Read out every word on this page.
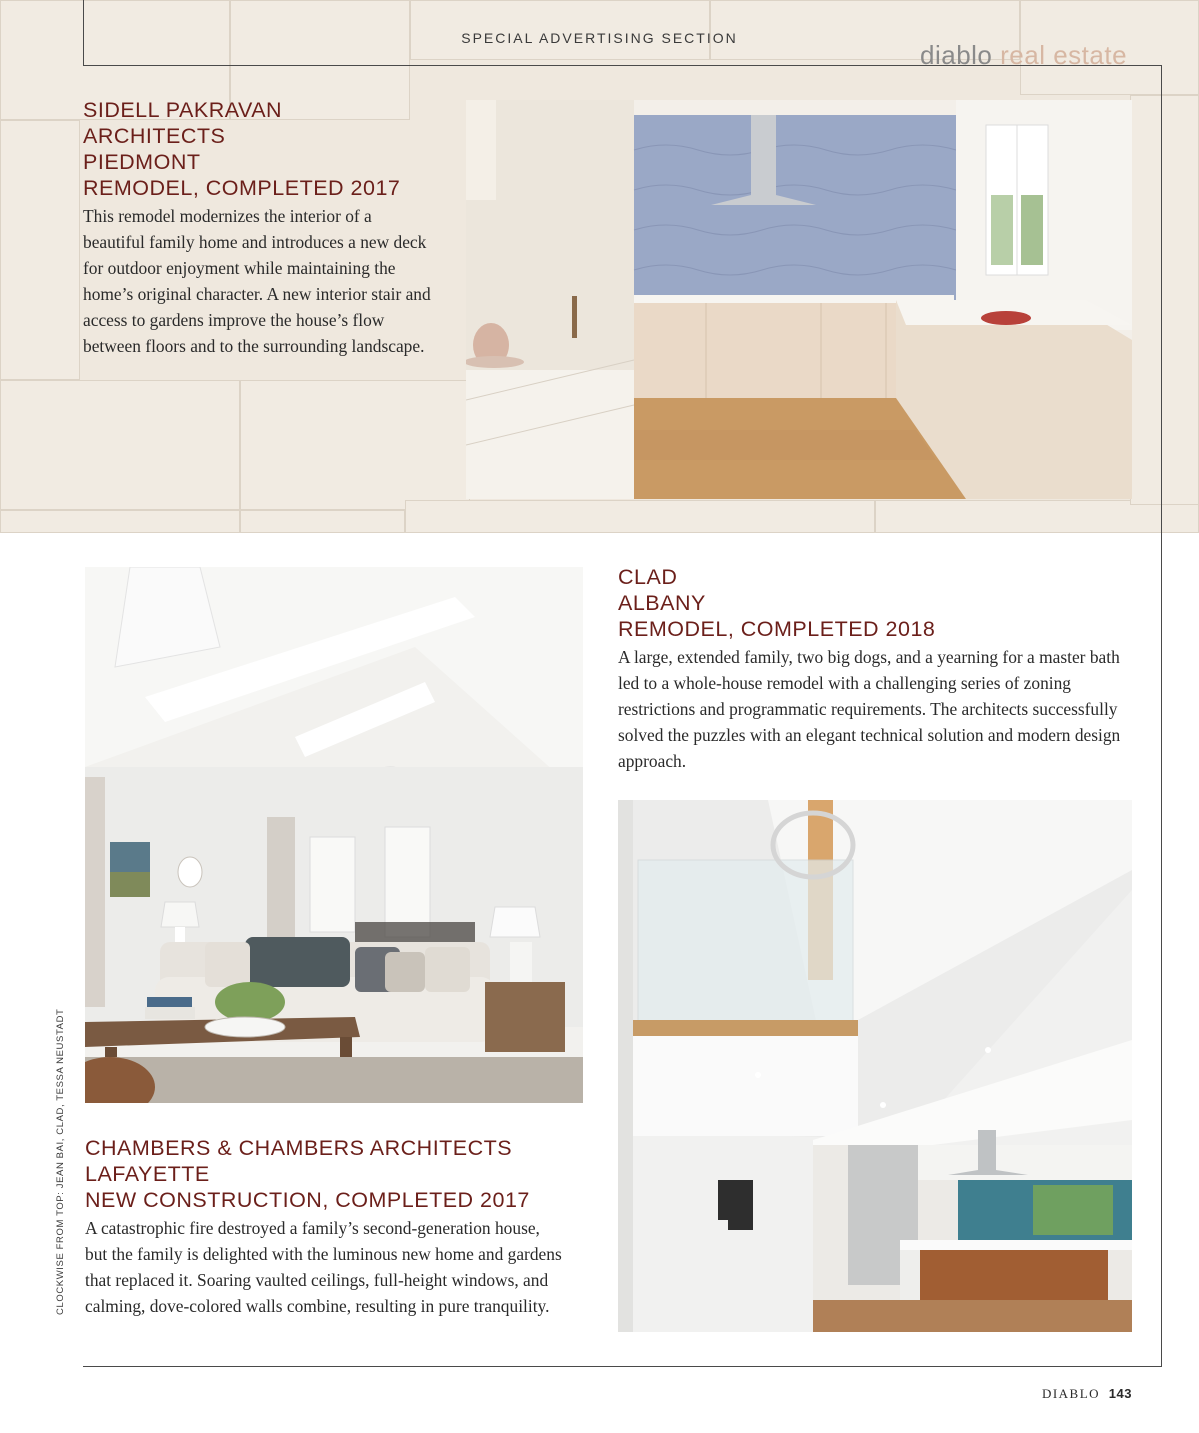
SPECIAL ADVERTISING SECTION
diablo real estate
SIDELL PAKRAVAN
ARCHITECTS
PIEDMONT
REMODEL, COMPLETED 2017
This remodel modernizes the interior of a beautiful family home and introduces a new deck for outdoor enjoyment while maintaining the home’s original character. A new interior stair and access to gardens improve the house’s flow between floors and to the surrounding landscape.
CLAD
ALBANY
REMODEL, COMPLETED 2018
A large, extended family, two big dogs, and a yearning for a master bath led to a whole-house remodel with a challenging series of zoning restrictions and programmatic requirements. The architects successfully solved the puzzles with an elegant technical solution and modern design approach.
CHAMBERS & CHAMBERS ARCHITECTS
LAFAYETTE
NEW CONSTRUCTION, COMPLETED 2017
A catastrophic fire destroyed a family’s second-generation house, but the family is delighted with the luminous new home and gardens that replaced it. Soaring vaulted ceilings, full-height windows, and calming, dove-colored walls combine, resulting in pure tranquility.
CLOCKWISE FROM TOP: JEAN BAI, CLAD, TESSA NEUSTADT
DIABLO 143
